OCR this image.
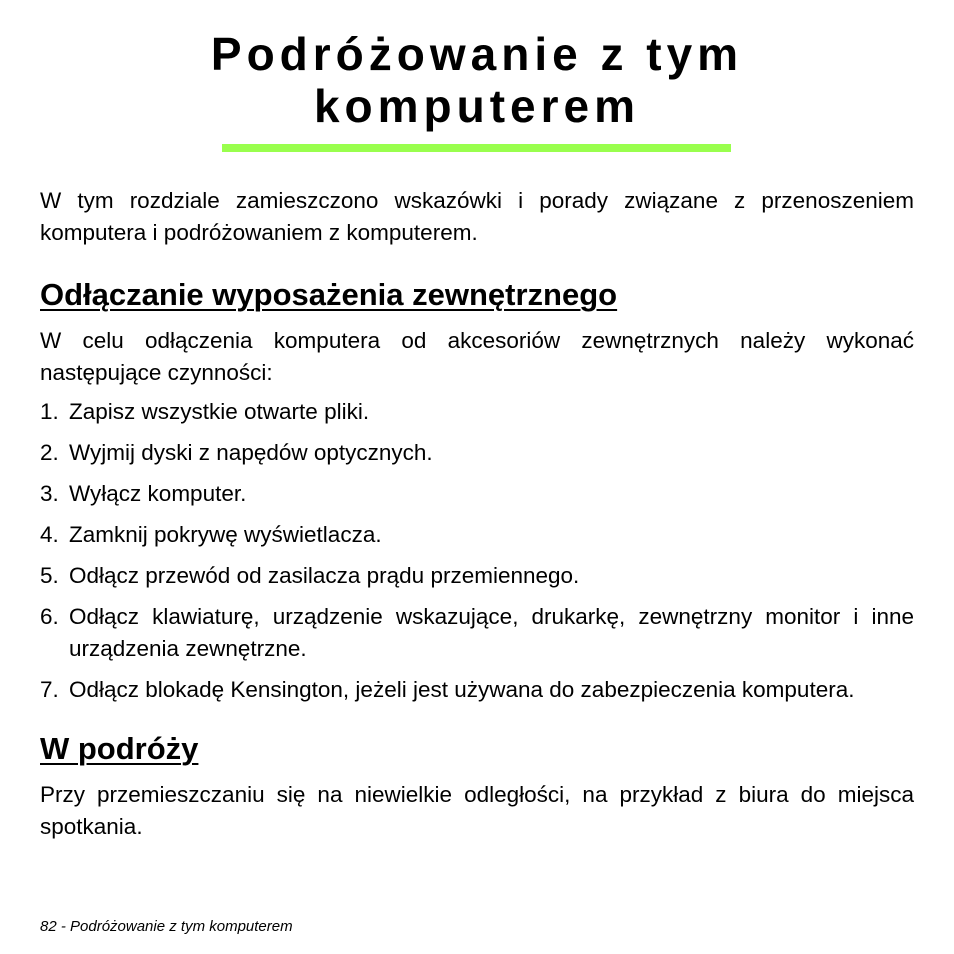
Podróżowanie z tym
komputerem

W tym rozdziale zamieszczono wskazówki i porady związane z przenoszeniem komputera i podróżowaniem z komputerem.

Odłączanie wyposażenia zewnętrznego

W celu odłączenia komputera od akcesoriów zewnętrznych należy wykonać następujące czynności:

1. Zapisz wszystkie otwarte pliki.
2. Wyjmij dyski z napędów optycznych.
3. Wyłącz komputer.
4. Zamknij pokrywę wyświetlacza.
5. Odłącz przewód od zasilacza prądu przemiennego.
6. Odłącz klawiaturę, urządzenie wskazujące, drukarkę, zewnętrzny monitor i inne urządzenia zewnętrzne.
7. Odłącz blokadę Kensington, jeżeli jest używana do zabezpieczenia komputera.
W podróży

Przy przemieszczaniu się na niewielkie odległości, na przykład z biura do miejsca spotkania.

82 - Podróżowanie z tym komputerem
